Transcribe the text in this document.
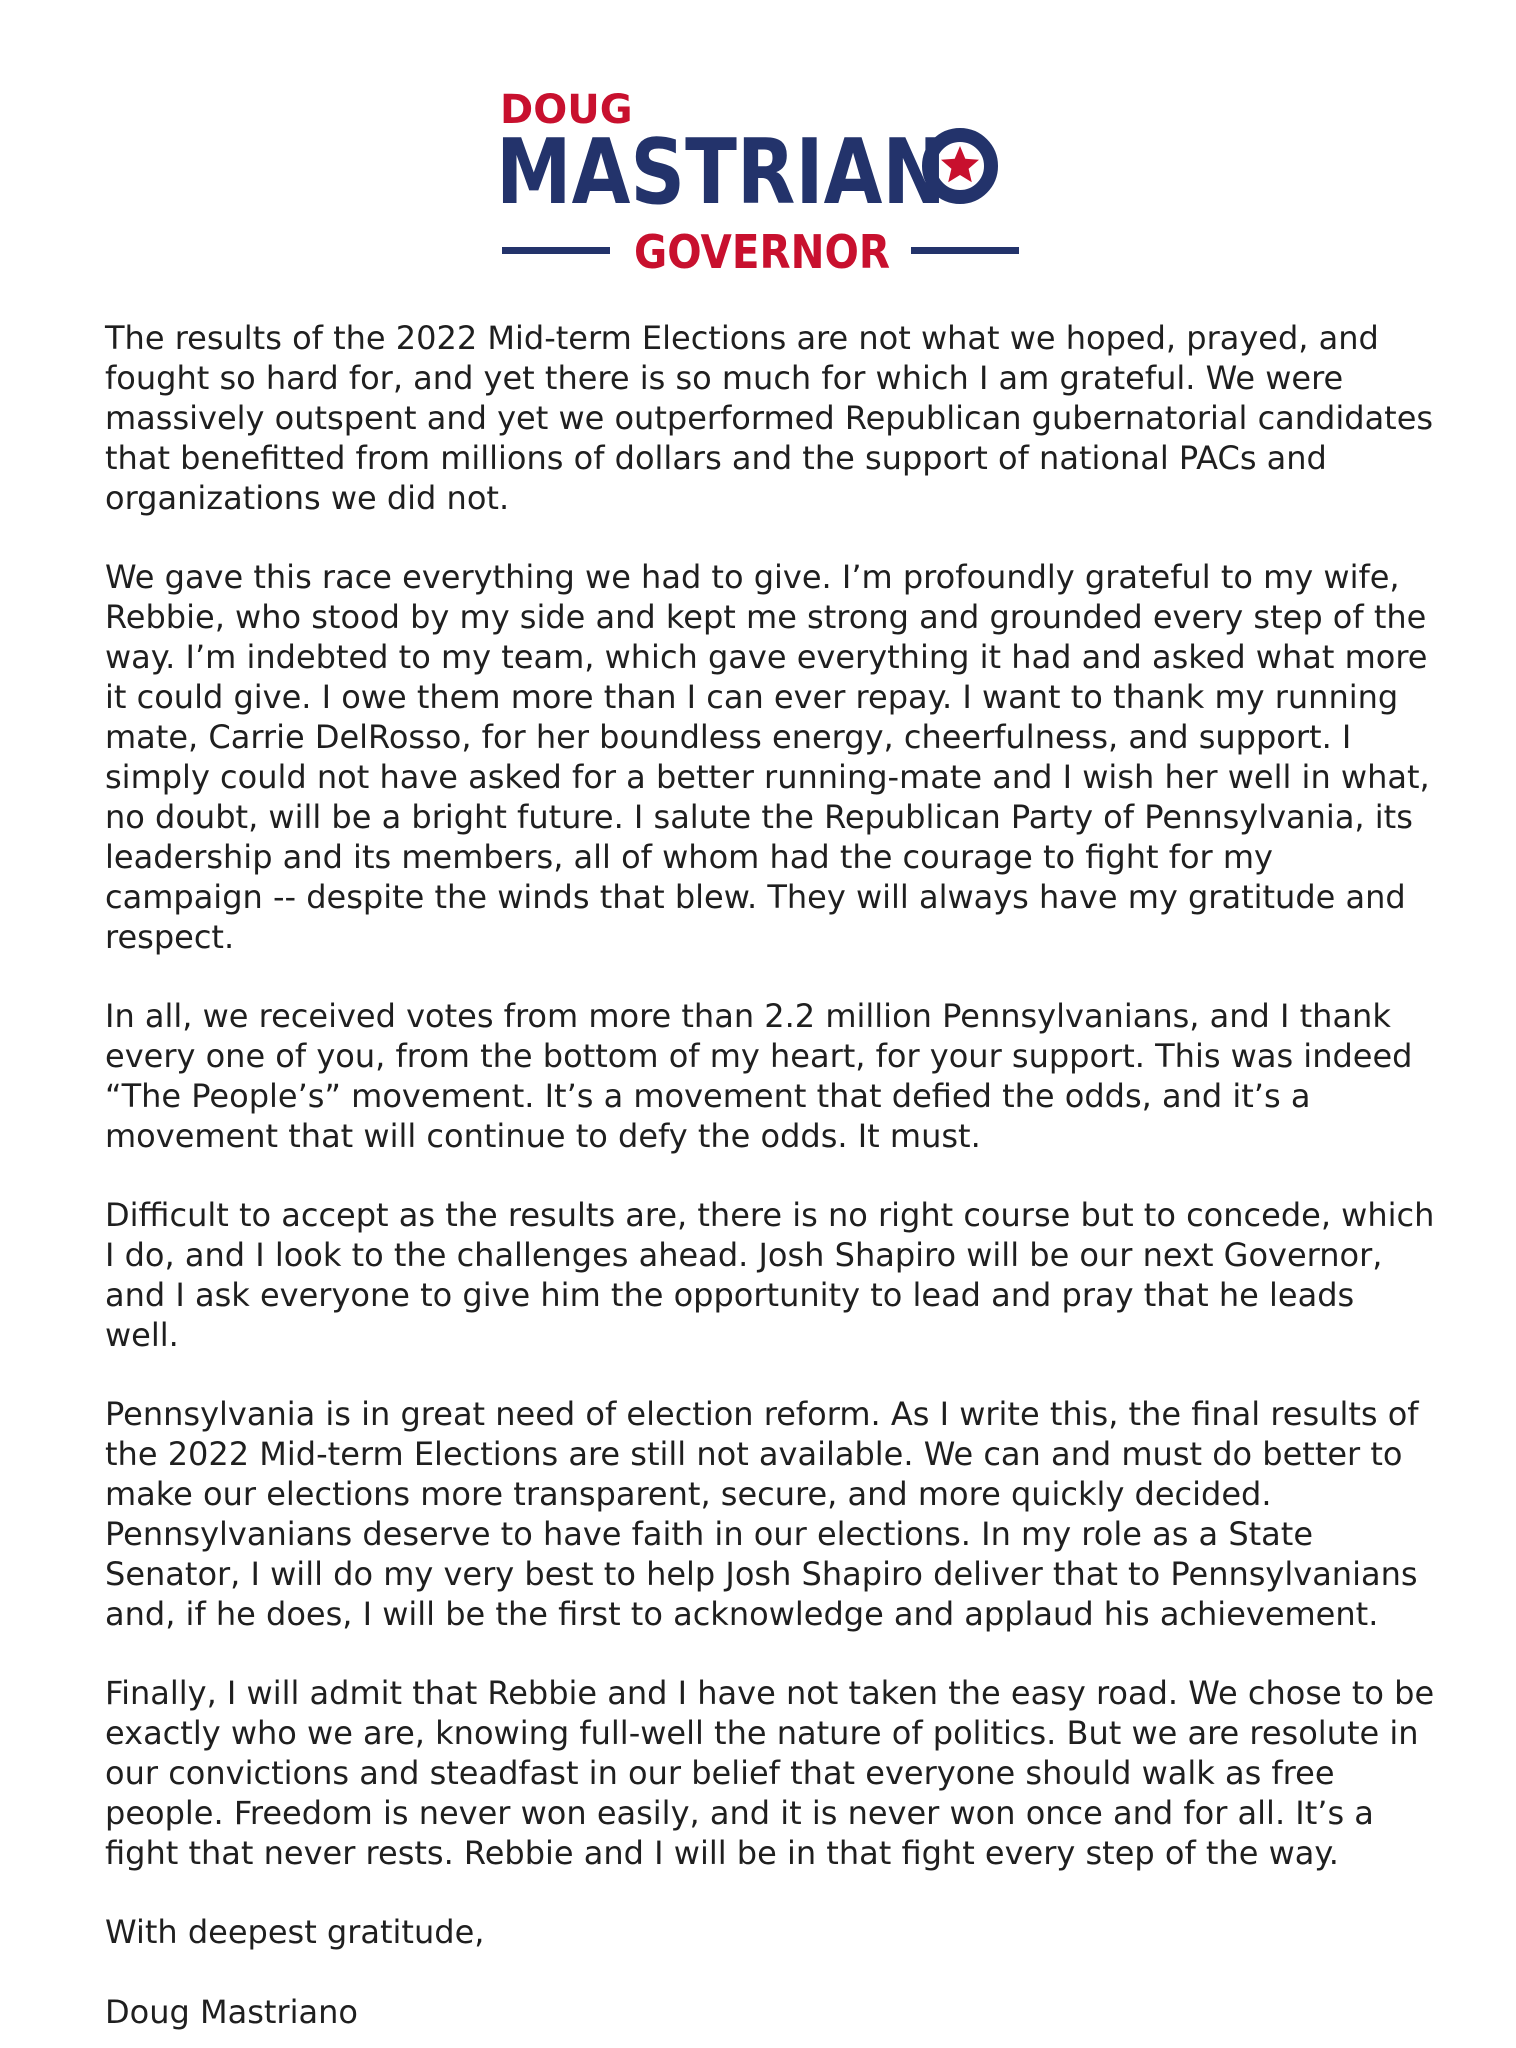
DOUG
MASTRIAN
GOVERNOR

The results of the 2022 Mid-term Elections are not what we hoped, prayed, and fought so hard for, and yet there is so much for which I am grateful. We were massively outspent and yet we outperformed Republican gubernatorial candidates that benefitted from millions of dollars and the support of national PACs and organizations we did not.

We gave this race everything we had to give. I’m profoundly grateful to my wife, Rebbie, who stood by my side and kept me strong and grounded every step of the way. I’m indebted to my team, which gave everything it had and asked what more it could give. I owe them more than I can ever repay. I want to thank my running mate, Carrie DelRosso, for her boundless energy, cheerfulness, and support. I simply could not have asked for a better running-mate and I wish her well in what, no doubt, will be a bright future. I salute the Republican Party of Pennsylvania, its leadership and its members, all of whom had the courage to fight for my campaign -- despite the winds that blew. They will always have my gratitude and respect.

In all, we received votes from more than 2.2 million Pennsylvanians, and I thank every one of you, from the bottom of my heart, for your support. This was indeed “The People’s” movement. It’s a movement that defied the odds, and it’s a movement that will continue to defy the odds. It must.

Difficult to accept as the results are, there is no right course but to concede, which I do, and I look to the challenges ahead. Josh Shapiro will be our next Governor, and I ask everyone to give him the opportunity to lead and pray that he leads well.

Pennsylvania is in great need of election reform. As I write this, the final results of the 2022 Mid-term Elections are still not available. We can and must do better to make our elections more transparent, secure, and more quickly decided. Pennsylvanians deserve to have faith in our elections. In my role as a State Senator, I will do my very best to help Josh Shapiro deliver that to Pennsylvanians and, if he does, I will be the first to acknowledge and applaud his achievement.

Finally, I will admit that Rebbie and I have not taken the easy road. We chose to be exactly who we are, knowing full-well the nature of politics. But we are resolute in our convictions and steadfast in our belief that everyone should walk as free people. Freedom is never won easily, and it is never won once and for all. It’s a fight that never rests. Rebbie and I will be in that fight every step of the way.

With deepest gratitude,

Doug Mastriano
